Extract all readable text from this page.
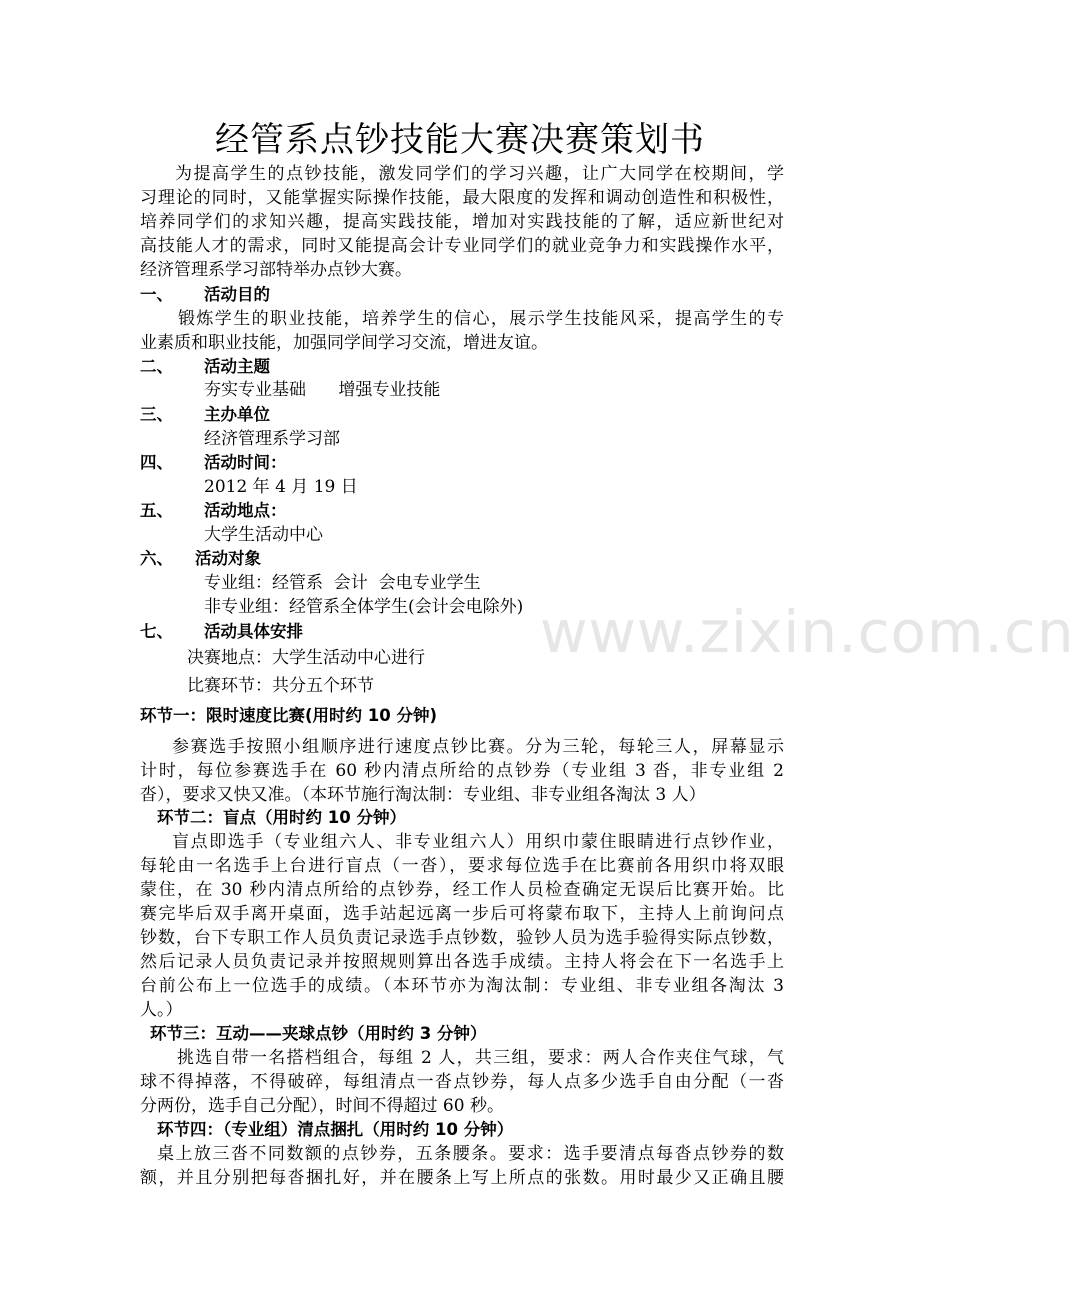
www.zixin.com.cn
经管系点钞技能大赛决赛策划书
为提高学生的点钞技能，激发同学们的学习兴趣，让广大同学在校期间，学
习理论的同时，又能掌握实际操作技能，最大限度的发挥和调动创造性和积极性，
培养同学们的求知兴趣，提高实践技能，增加对实践技能的了解，适应新世纪对
高技能人才的需求，同时又能提高会计专业同学们的就业竞争力和实践操作水平，
经济管理系学习部特举办点钞大赛。
一、 活动目的
锻炼学生的职业技能，培养学生的信心，展示学生技能风采，提高学生的专
业素质和职业技能，加强同学间学习交流，增进友谊。
二、 活动主题
夯实专业基础      增强专业技能
三、 主办单位
经济管理系学习部
四、 活动时间：
2012 年 4 月 19 日
五、 活动地点：
大学生活动中心
六、 活动对象
专业组：经管系  会计  会电专业学生
非专业组：经管系全体学生(会计会电除外)
七、 活动具体安排
决赛地点：大学生活动中心进行
比赛环节：共分五个环节
环节一：限时速度比赛(用时约 10 分钟)
参赛选手按照小组顺序进行速度点钞比赛。分为三轮，每轮三人，屏幕显示
计时，每位参赛选手在 60 秒内清点所给的点钞券（专业组 3 沓，非专业组 2
沓），要求又快又准。（本环节施行淘汰制：专业组、非专业组各淘汰 3 人）
环节二：盲点（用时约 10 分钟）
盲点即选手（专业组六人、非专业组六人）用织巾蒙住眼睛进行点钞作业，
每轮由一名选手上台进行盲点（一沓），要求每位选手在比赛前各用织巾将双眼
蒙住，在 30 秒内清点所给的点钞券，经工作人员检查确定无误后比赛开始。比
赛完毕后双手离开桌面，选手站起远离一步后可将蒙布取下，主持人上前询问点
钞数，台下专职工作人员负责记录选手点钞数，验钞人员为选手验得实际点钞数，
然后记录人员负责记录并按照规则算出各选手成绩。主持人将会在下一名选手上
台前公布上一位选手的成绩。（本环节亦为淘汰制：专业组、非专业组各淘汰 3
人。）
环节三：互动——夹球点钞（用时约 3 分钟）
挑选自带一名搭档组合，每组 2 人，共三组，要求：两人合作夹住气球，气
球不得掉落，不得破碎，每组清点一沓点钞券，每人点多少选手自由分配（一沓
分两份，选手自己分配），时间不得超过 60 秒。
环节四：（专业组）清点捆扎（用时约 10 分钟）
桌上放三沓不同数额的点钞券，五条腰条。要求：选手要清点每沓点钞券的数
额，并且分别把每沓捆扎好，并在腰条上写上所点的张数。用时最少又正确且腰
